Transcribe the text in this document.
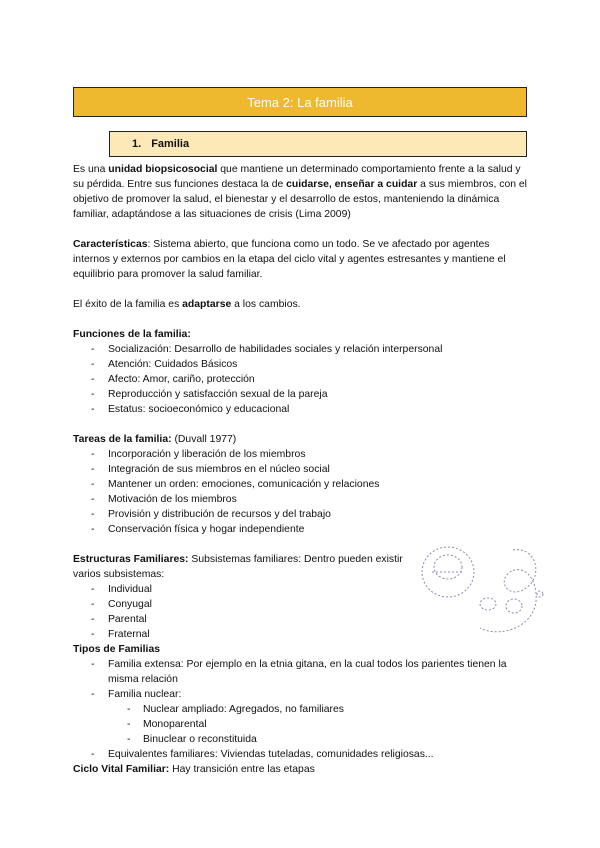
Tema 2: La familia
1. Familia

Es una unidad biopsicosocial que mantiene un determinado comportamiento frente a la salud y su pérdida. Entre sus funciones destaca la de cuidarse, enseñar a cuidar a sus miembros, con el objetivo de promover la salud, el bienestar y el desarrollo de estos, manteniendo la dinámica familiar, adaptándose a las situaciones de crisis (Lima 2009)

Características: Sistema abierto, que funciona como un todo. Se ve afectado por agentes internos y externos por cambios en la etapa del ciclo vital y agentes estresantes y mantiene el equilibrio para promover la salud familiar.

El éxito de la familia es adaptarse a los cambios.

Funciones de la familia:
- Socialización: Desarrollo de habilidades sociales y relación interpersonal
- Atención: Cuidados Básicos
- Afecto: Amor, cariño, protección
- Reproducción y satisfacción sexual de la pareja
- Estatus: socioeconómico y educacional
Tareas de la familia: (Duvall 1977)
- Incorporación y liberación de los miembros
- Integración de sus miembros en el núcleo social
- Mantener un orden: emociones, comunicación y relaciones
- Motivación de los miembros
- Provisión y distribución de recursos y del trabajo
- Conservación física y hogar independiente
Estructuras Familiares: Subsistemas familiares: Dentro pueden existir varios subsistemas:
- Individual
- Conyugal
- Parental
- Fraternal
Tipos de Familias
- Familia extensa: Por ejemplo en la etnia gitana, en la cual todos los parientes tienen la misma relación
- Familia nuclear:
- Nuclear ampliado: Agregados, no familiares
- Monoparental
- Binuclear o reconstituida
- Equivalentes familiares: Viviendas tuteladas, comunidades religiosas...
Ciclo Vital Familiar: Hay transición entre las etapas
